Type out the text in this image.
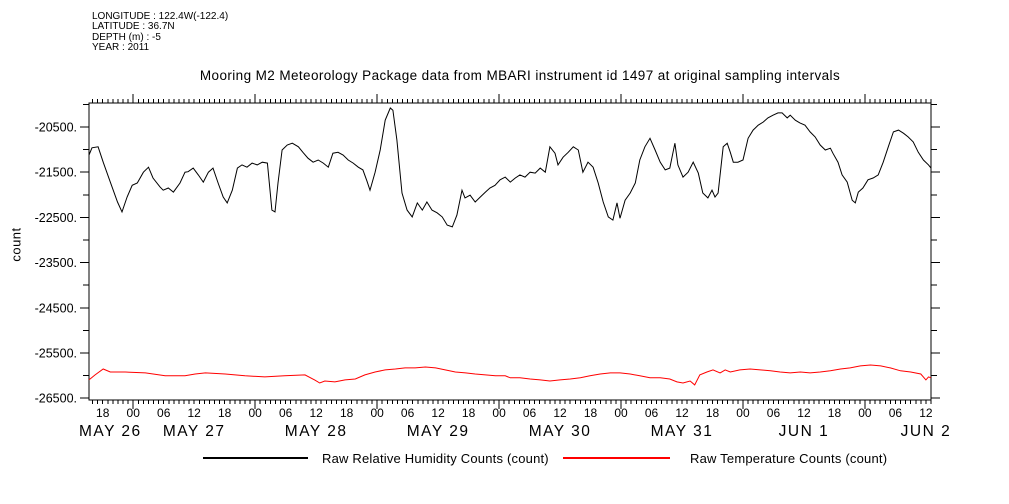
LONGITUDE : 122.4W(-122.4)
LATITUDE : 36.7N
DEPTH (m) : -5
YEAR : 2011
Mooring M2 Meteorology Package data from MBARI instrument id 1497 at original sampling intervals
count
-20500.
-21500.
-22500.
-23500.
-24500.
-25500.
-26500.
18 00 06 12 18 00 06 12 18 00 06 12 18 00 06 12 18 00 06 12 18 00 06 12 18 00 06 12
MAY 26 MAY 27	MAY 28	MAY 29	MAY 30	MAY 31	JUN 1	JUN 2
Raw Relative Humidity Counts (count)	Raw Temperature Counts (count)
